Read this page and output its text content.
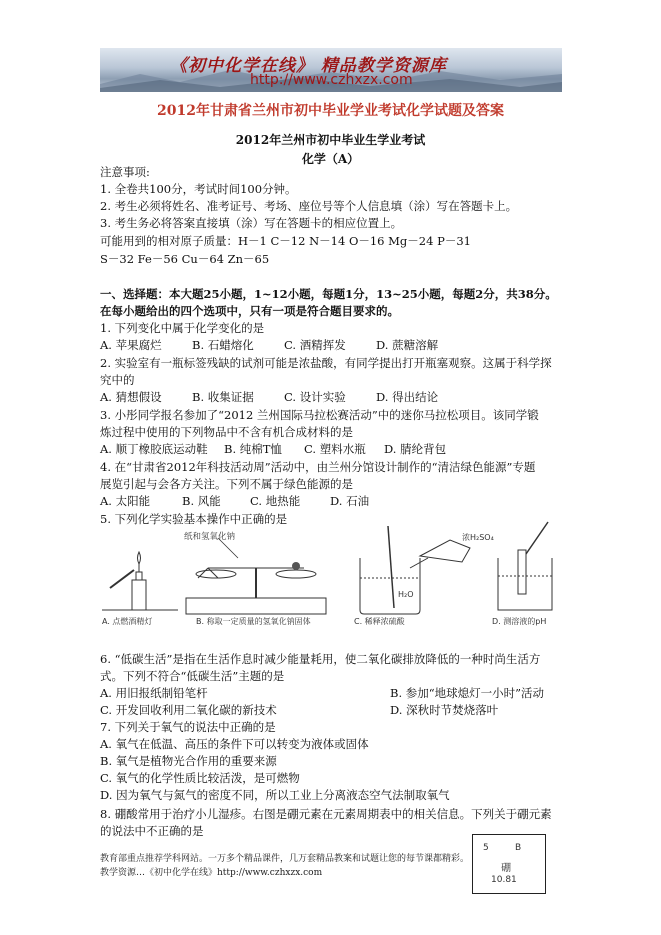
《初中化学在线》 精品教学资源库
http://www.czhxzx.com
2012年甘肃省兰州市初中毕业学业考试化学试题及答案
2012年兰州市初中毕业生学业考试
化学（A）
注意事项:
1. 全卷共100分，考试时间100分钟。
2. 考生必须将姓名、准考证号、考场、座位号等个人信息填（涂）写在答题卡上。
3. 考生务必将答案直接填（涂）写在答题卡的相应位置上。
可能用到的相对原子质量：H－1 C－12 N－14 O－16 Mg－24 P－31
S－32 Fe－56 Cu－64 Zn－65
一、选择题：本大题25小题，1~12小题，每题1分，13~25小题，每题2分，共38分。
在每小题给出的四个选项中，只有一项是符合题目要求的。
1. 下列变化中属于化学变化的是
A. 苹果腐烂	B. 石蜡熔化	C. 酒精挥发	D. 蔗糖溶解
2. 实验室有一瓶标签残缺的试剂可能是浓盐酸，有同学提出打开瓶塞观察。这属于科学探
究中的
A. 猜想假设	B. 收集证据	C. 设计实验	D. 得出结论
3. 小彤同学报名参加了“2012 兰州国际马拉松赛活动”中的迷你马拉松项目。该同学锻
炼过程中使用的下列物品中不含有机合成材料的是
A. 顺丁橡胶底运动鞋 B. 纯棉T恤 C. 塑料水瓶 D. 腈纶背包
4. 在“甘肃省2012年科技活动周”活动中，由兰州分馆设计制作的“清洁绿色能源”专题
展览引起与会各方关注。下列不属于绿色能源的是
A. 太阳能	B. 风能	C. 地热能	D. 石油
5. 下列化学实验基本操作中正确的是
A. 点燃酒精灯
纸和氢氧化钠
B. 称取一定质量的氢氧化钠固体
H₂O
浓H₂SO₄
C. 稀释浓硫酸	D. 测溶液的pH
6. “低碳生活”是指在生活作息时减少能量耗用，使二氧化碳排放降低的一种时尚生活方
式。下列不符合“低碳生活”主题的是
A. 用旧报纸制铅笔杆	B. 参加“地球熄灯一小时”活动
C. 开发回收利用二氧化碳的新技术	D. 深秋时节焚烧落叶
7. 下列关于氧气的说法中正确的是
A. 氧气在低温、高压的条件下可以转变为液体或固体
B. 氧气是植物光合作用的重要来源
C. 氧气的化学性质比较活泼，是可燃物
D. 因为氧气与氮气的密度不同，所以工业上分离液态空气法制取氧气
8. 硼酸常用于治疗小儿湿疹。右图是硼元素在元素周期表中的相关信息。下列关于硼元素
的说法中不正确的是
5	B
硼
10.81
教育部重点推荐学科网站。一万多个精品课件，几万套精品教案和试题让您的每节课都精彩。
教学资源…《初中化学在线》http://www.czhxzx.com
